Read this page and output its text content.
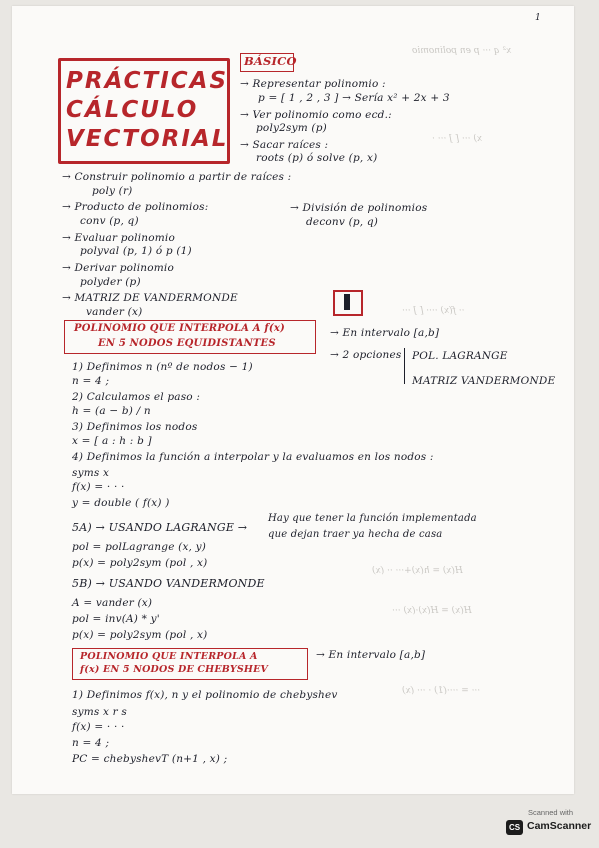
x² q ··· p en polinomio
x) ··· [ ] ··· ·
·· f(x) ···· [ ] ···
H(x) = h(x)+··· ·· (x)
H(x) = H(x)·(x) ···
··· = ····(1) · ··· (x)
1
PRÁCTICAS
CÁLCULO
VECTORIAL
BÁSICO
→ Representar polinomio :
p = [ 1 , 2 , 3 ] → Sería x² + 2x + 3
→ Ver polinomio como ecd.:
poly2sym (p)
→ Sacar raíces :
roots (p) ó solve (p, x)
→ Construir polinomio a partir de raíces :
poly (r)
→ Producto de polinomios:
conv (p, q)
→ Evaluar polinomio
polyval (p, 1) ó p (1)
→ Derivar polinomio
polyder (p)
→ MATRIZ DE VANDERMONDE
vander (x)
→ División de polinomios
deconv (p, q)
POLINOMIO QUE INTERPOLA A f(x)
EN 5 NODOS EQUIDISTANTES
→ En intervalo [a,b]
→ 2 opciones POL. LAGRANGE
MATRIZ VANDERMONDE
1) Definimos n (nº de nodos − 1)
n = 4 ;
2) Calculamos el paso :
h = (a − b) / n
3) Definimos los nodos
x = [ a : h : b ]
4) Definimos la función a interpolar y la evaluamos en los nodos :
syms x
f(x) = · · ·
y = double ( f(x) )
5A) → USANDO LAGRANGE →
Hay que tener la función implementada
que dejan traer ya hecha de casa
pol = polLagrange (x, y)
p(x) = poly2sym (pol , x)
5B) → USANDO VANDERMONDE
A = vander (x)
pol = inv(A) * y'
p(x) = poly2sym (pol , x)
POLINOMIO QUE INTERPOLA A
f(x) EN 5 NODOS DE CHEBYSHEV
→ En intervalo [a,b]
1) Definimos f(x), n y el polinomio de chebyshev
syms x r s
f(x) = · · ·
n = 4 ;
PC = chebyshevT (n+1 , x) ;
Scanned with
CS CamScanner
